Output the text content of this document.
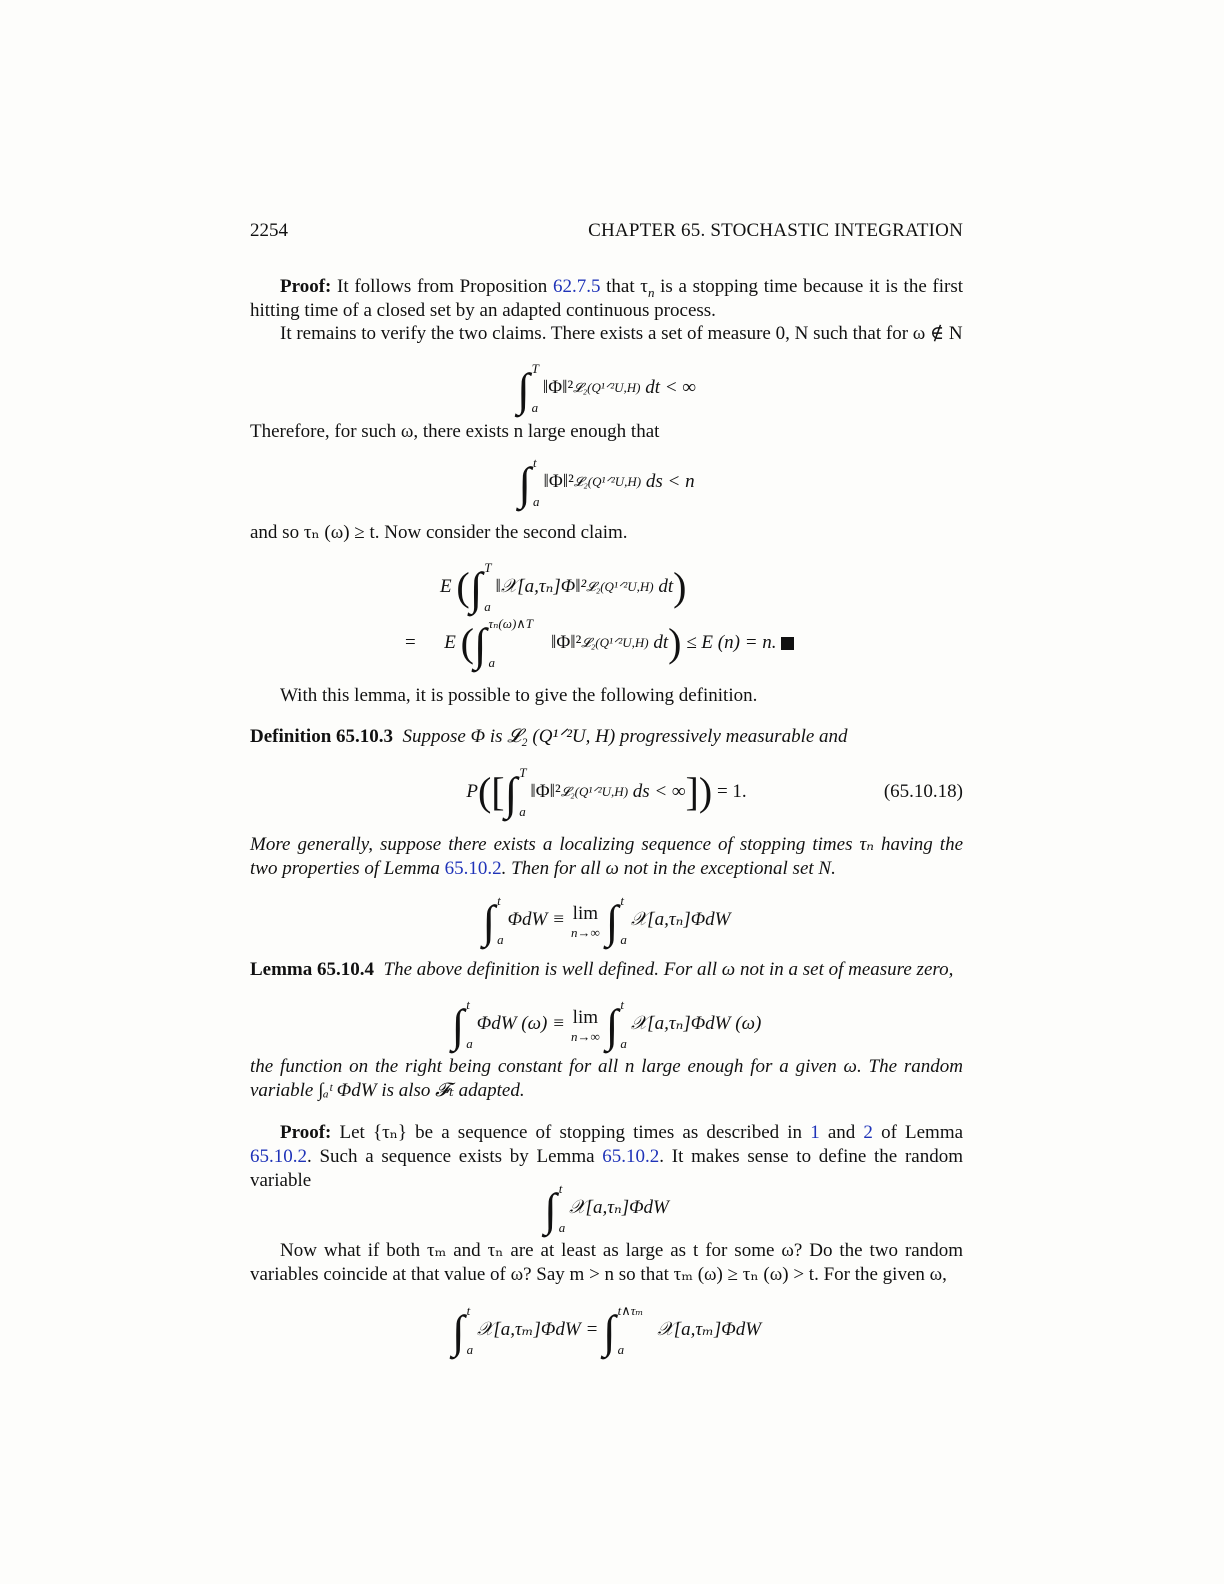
2254	CHAPTER 65. STOCHASTIC INTEGRATION

Proof: It follows from Proposition 62.7.5 that $\tau_n$ is a stopping time because it is the first hitting time of a closed set by an adapted continuous process.

It remains to verify the two claims. There exists a set of measure 0, N such that for ω ∉ N

∫ T
a
‖Φ‖² 𝓛₂(Q¹ᐟ²U,H)
dt < ∞

Therefore, for such ω, there exists n large enough that

∫ t
a
‖Φ‖² 𝓛₂(Q¹ᐟ²U,H)
ds < n

and so τₙ (ω) ≥ t. Now consider the second claim.

E
( ∫ T
a
‖𝒳[a,τₙ]Φ‖² 𝓛₂(Q¹ᐟ²U,H)
dt )
=
E
( ∫ τₙ(ω)∧T
a
‖Φ‖² 𝓛₂(Q¹ᐟ²U,H)
dt )
≤ E (n) = n.

With this lemma, it is possible to give the following definition.

Definition 65.10.3 Suppose Φ is 𝓛₂ (Q¹ᐟ²U, H) progressively measurable and

P ([ ∫ T
a
‖Φ‖² 𝓛₂(Q¹ᐟ²U,H)
ds < ∞ ])
= 1.	(65.10.18)

More generally, suppose there exists a localizing sequence of stopping times τₙ having the two properties of Lemma 65.10.2. Then for all ω not in the exceptional set N.

∫ t
a
ΦdW ≡ lim
n→∞ ∫ t
a
𝒳[a,τₙ]ΦdW

Lemma 65.10.4 The above definition is well defined. For all ω not in a set of measure zero,

∫ t
a
ΦdW (ω) ≡ lim
n→∞ ∫ t
a
𝒳[a,τₙ]ΦdW (ω)

the function on the right being constant for all n large enough for a given ω. The random variable ∫ₐᵗ ΦdW is also 𝓕ₜ adapted.

Proof: Let {τₙ} be a sequence of stopping times as described in 1 and 2 of Lemma 65.10.2. Such a sequence exists by Lemma 65.10.2. It makes sense to define the random variable

∫ t
a
𝒳[a,τₙ]ΦdW

Now what if both τₘ and τₙ are at least as large as t for some ω? Do the two random variables coincide at that value of ω? Say m > n so that τₘ (ω) ≥ τₙ (ω) > t. For the given ω,

∫ t
a
𝒳[a,τₘ]ΦdW =
∫ t∧τₘ
a
𝒳[a,τₘ]ΦdW
